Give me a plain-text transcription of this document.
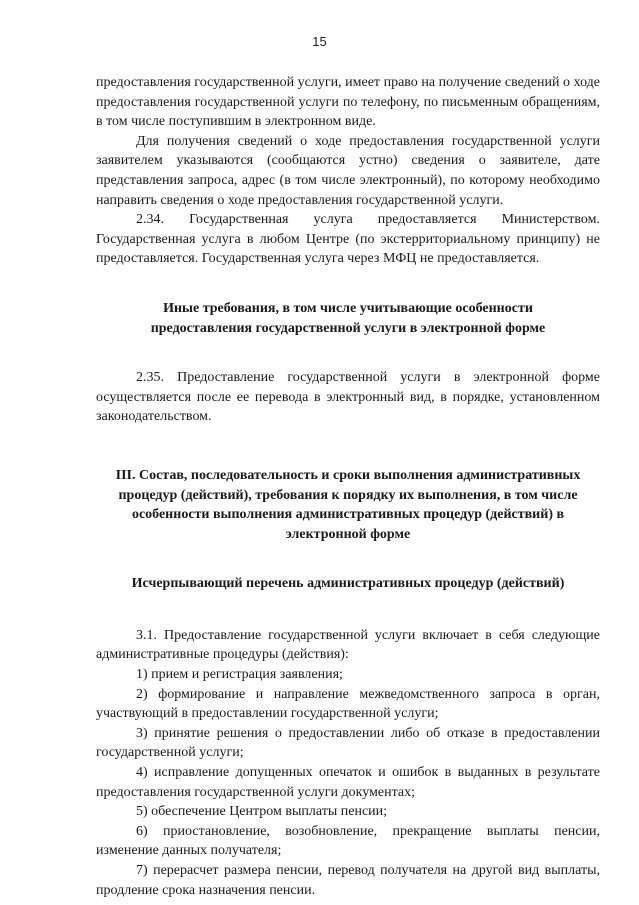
15

предоставления государственной услуги, имеет право на получение сведений о ходе предоставления государственной услуги по телефону, по письменным обращениям, в том числе поступившим в электронном виде.

Для получения сведений о ходе предоставления государственной услуги заявителем указываются (сообщаются устно) сведения о заявителе, дате представления запроса, адрес (в том числе электронный), по которому необходимо направить сведения о ходе предоставления государственной услуги.

2.34. Государственная услуга предоставляется Министерством. Государственная услуга в любом Центре (по экстерриториальному принципу) не предоставляется. Государственная услуга через МФЦ не предоставляется.

Иные требования, в том числе учитывающие особенности предоставления государственной услуги в электронной форме

2.35. Предоставление государственной услуги в электронной форме осуществляется после ее перевода в электронный вид, в порядке, установленном законодательством.

III. Состав, последовательность и сроки выполнения административных процедур (действий), требования к порядку их выполнения, в том числе особенности выполнения административных процедур (действий) в электронной форме
Исчерпывающий перечень административных процедур (действий)

3.1. Предоставление государственной услуги включает в себя следующие административные процедуры (действия):

1) прием и регистрация заявления;

2) формирование и направление межведомственного запроса в орган, участвующий в предоставлении государственной услуги;

3) принятие решения о предоставлении либо об отказе в предоставлении государственной услуги;

4) исправление допущенных опечаток и ошибок в выданных в результате предоставления государственной услуги документах;

5) обеспечение Центром выплаты пенсии;

6) приостановление, возобновление, прекращение выплаты пенсии, изменение данных получателя;

7) перерасчет размера пенсии, перевод получателя на другой вид выплаты, продление срока назначения пенсии.
